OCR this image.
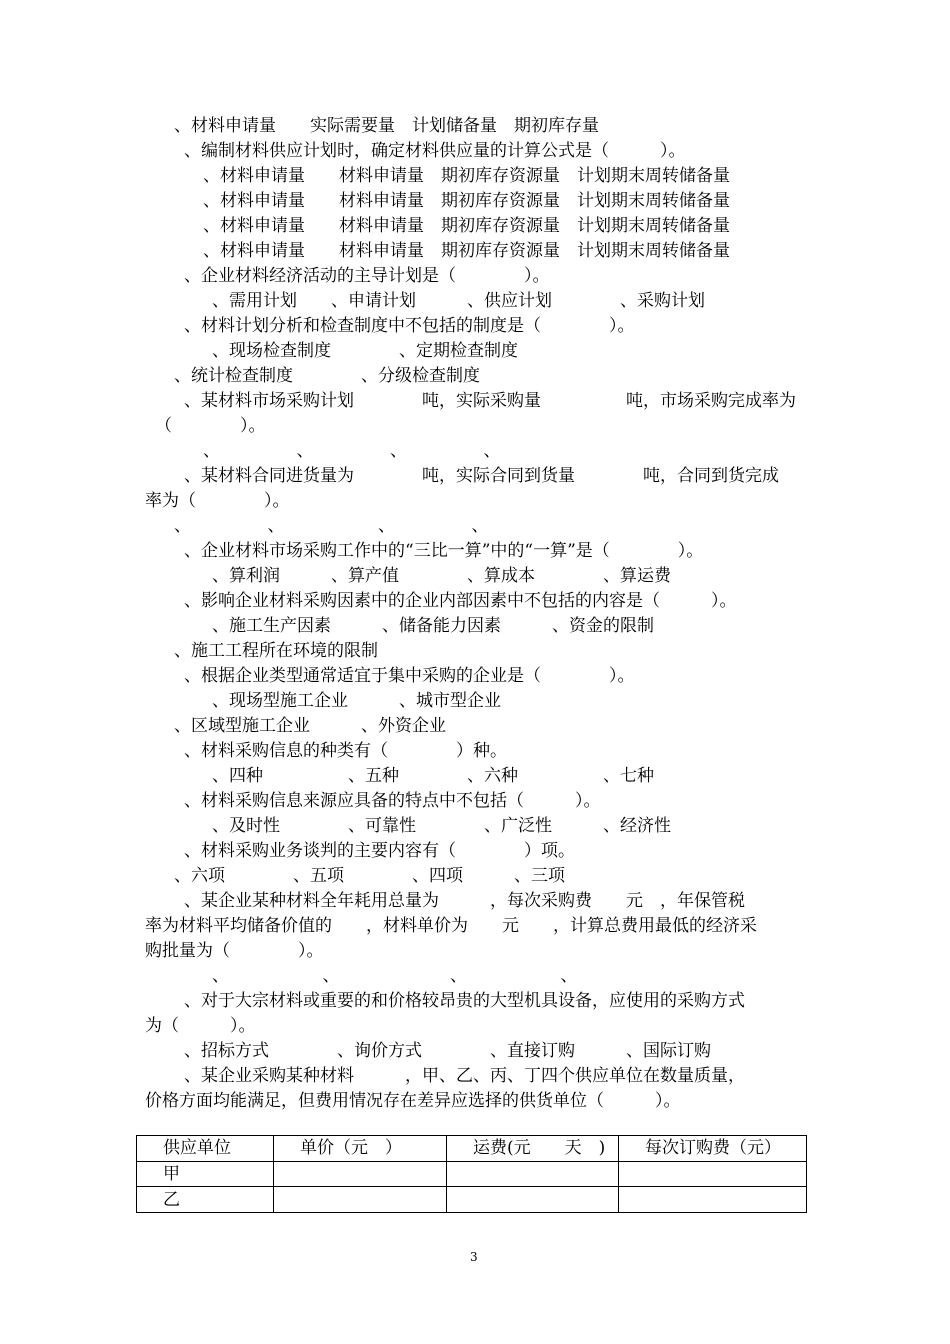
、材料申请量　　实际需要量　计划储备量　期初库存量
、编制材料供应计划时，确定材料供应量的计算公式是（　　　）。
、材料申请量　　材料申请量　期初库存资源量　计划期末周转储备量
、材料申请量　　材料申请量　期初库存资源量　计划期末周转储备量
、材料申请量　　材料申请量　期初库存资源量　计划期末周转储备量
、材料申请量　　材料申请量　期初库存资源量　计划期末周转储备量
、企业材料经济活动的主导计划是（　　　　）。
、需用计划　　、申请计划　　　、供应计划　　　　、采购计划
、材料计划分析和检查制度中不包括的制度是（　　　　）。
、现场检查制度　　　　、定期检查制度
、统计检查制度　　　　、分级检查制度
、某材料市场采购计划　　　　吨，实际采购量　　　　　吨，市场采购完成率为
（　　　　）。
、　　　　　、　　　　　、　　　　　、
、某材料合同进货量为　　　　吨，实际合同到货量　　　　吨，合同到货完成
率为（　　　　）。
、　　　　　、　　　　　　、　　　　　、
、企业材料市场采购工作中的“三比一算”中的“一算”是（　　　　）。
、算利润　　　、算产值　　　　、算成本　　　　、算运费
、影响企业材料采购因素中的企业内部因素中不包括的内容是（　　　）。
、施工生产因素　　　、储备能力因素　　　、资金的限制
、施工工程所在环境的限制
、根据企业类型通常适宜于集中采购的企业是（　　　　）。
、现场型施工企业　　　、城市型企业
、区域型施工企业　　　、外资企业
、材料采购信息的种类有（　　　　）种。
、四种　　　　　、五种　　　　、六种　　　　　、七种
、材料采购信息来源应具备的特点中不包括（　　　）。
、及时性　　　　、可靠性　　　　、广泛性　　　、经济性
、材料采购业务谈判的主要内容有（　　　　）项。
、六项　　　　、五项　　　　、四项　　　、三项
、某企业某种材料全年耗用总量为　　　，每次采购费　　元　，年保管税
率为材料平均储备价值的　　，材料单价为　　元　　，计算总费用最低的经济采
购批量为（　　　　）。
、　　　　　　、　　　　　　　、　　　　　　、
、对于大宗材料或重要的和价格较昂贵的大型机具设备，应使用的采购方式
为（　　　）。
、招标方式　　　　、询价方式　　　　、直接订购　　　、国际订购
、某企业采购某种材料　　　，甲、乙、丙、丁四个供应单位在数量质量，
价格方面均能满足，但费用情况存在差异应选择的供货单位（　　　）。
供应单位	单价（元　）	运费(元　　天　)	每次订购费（元）
甲			
乙			
3
